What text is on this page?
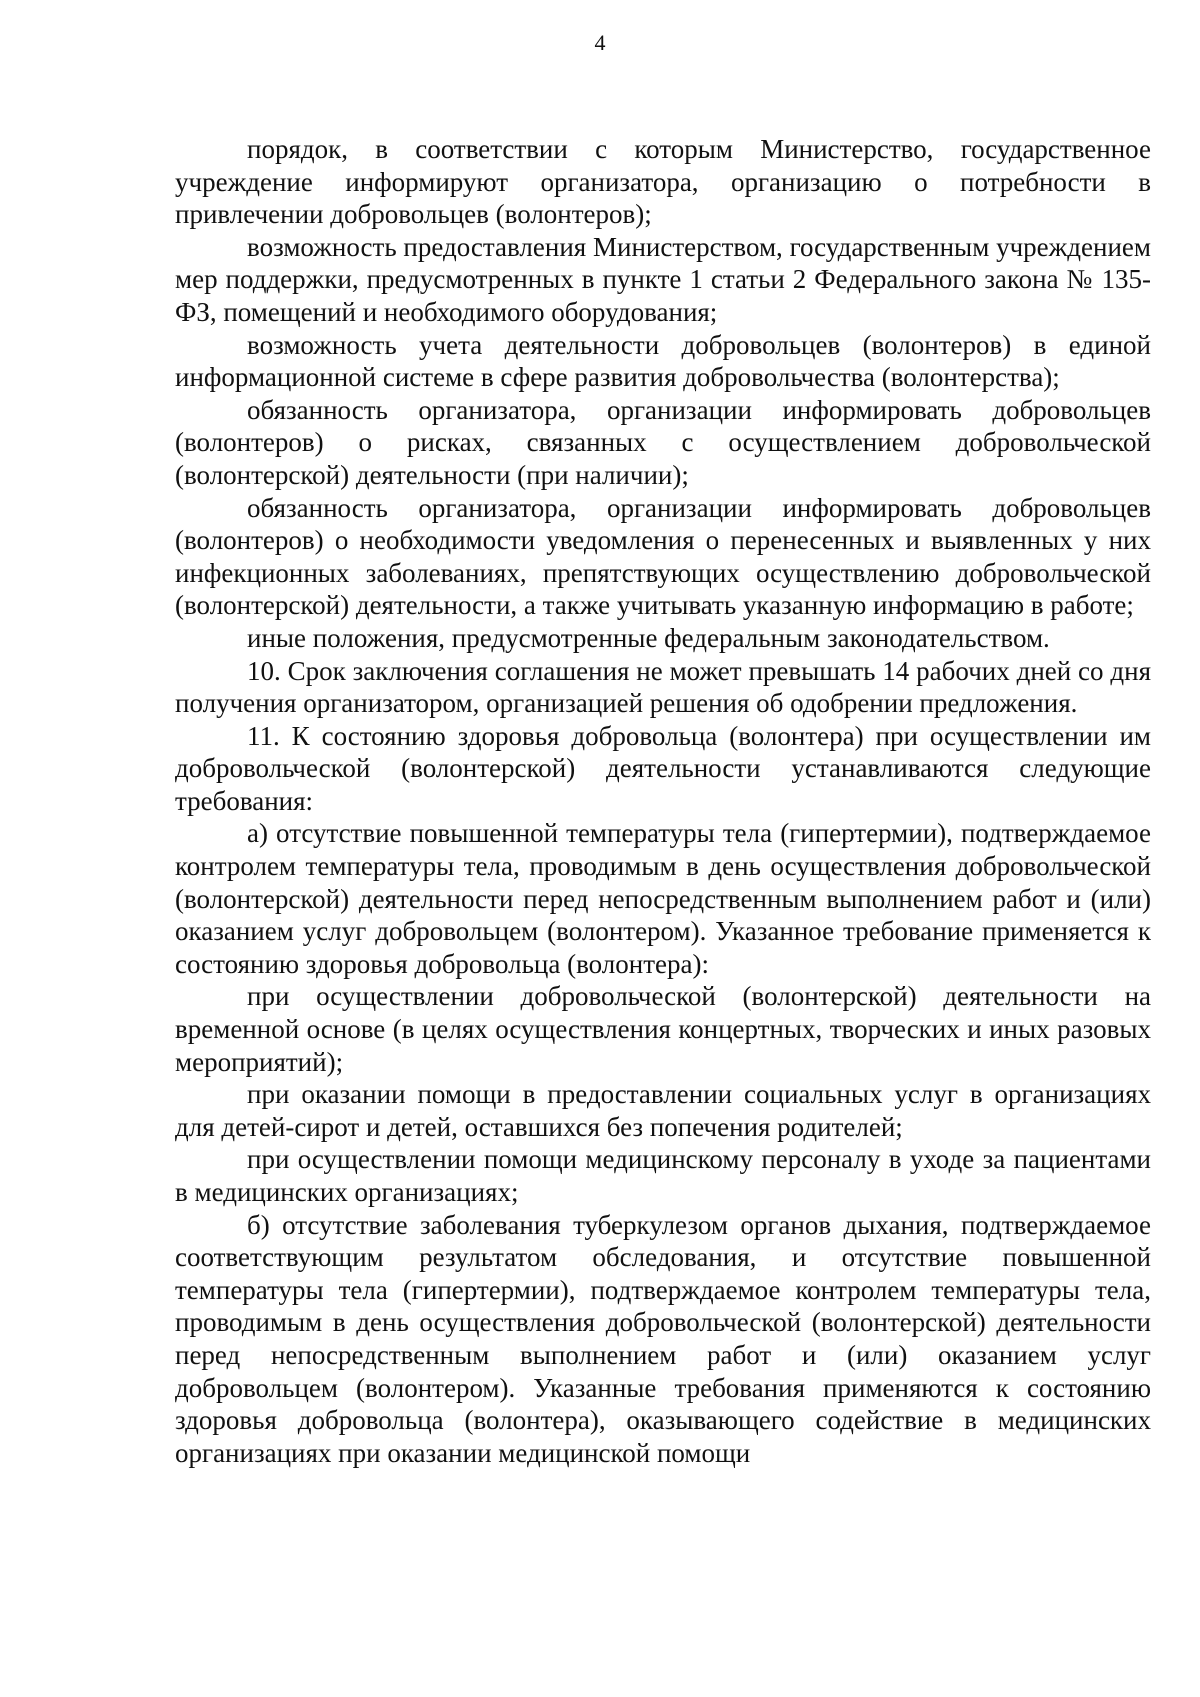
4

порядок, в соответствии с которым Министерство, государственное учреждение информируют организатора, организацию о потребности в привлечении добровольцев (волонтеров);

возможность предоставления Министерством, государственным учреждением мер поддержки, предусмотренных в пункте 1 статьи 2 Федерального закона № 135-ФЗ, помещений и необходимого оборудования;

возможность учета деятельности добровольцев (волонтеров) в единой информационной системе в сфере развития добровольчества (волонтерства);

обязанность организатора, организации информировать добровольцев (волонтеров) о рисках, связанных с осуществлением добровольческой (волонтерской) деятельности (при наличии);

обязанность организатора, организации информировать добровольцев (волонтеров) о необходимости уведомления о перенесенных и выявленных у них инфекционных заболеваниях, препятствующих осуществлению добровольческой (волонтерской) деятельности, а также учитывать указанную информацию в работе;

иные положения, предусмотренные федеральным законодательством.

10. Срок заключения соглашения не может превышать 14 рабочих дней со дня получения организатором, организацией решения об одобрении предложения.

11. К состоянию здоровья добровольца (волонтера) при осуществлении им добровольческой (волонтерской) деятельности устанавливаются следующие требования:

а) отсутствие повышенной температуры тела (гипертермии), подтверждаемое контролем температуры тела, проводимым в день осуществления добровольческой (волонтерской) деятельности перед непосредственным выполнением работ и (или) оказанием услуг добровольцем (волонтером). Указанное требование применяется к состоянию здоровья добровольца (волонтера):

при осуществлении добровольческой (волонтерской) деятельности на временной основе (в целях осуществления концертных, творческих и иных разовых мероприятий);

при оказании помощи в предоставлении социальных услуг в организациях для детей-сирот и детей, оставшихся без попечения родителей;

при осуществлении помощи медицинскому персоналу в уходе за пациентами в медицинских организациях;

б) отсутствие заболевания туберкулезом органов дыхания, подтверждаемое соответствующим результатом обследования, и отсутствие повышенной температуры тела (гипертермии), подтверждаемое контролем температуры тела, проводимым в день осуществления добровольческой (волонтерской) деятельности перед непосредственным выполнением работ и (или) оказанием услуг добровольцем (волонтером). Указанные требования применяются к состоянию здоровья добровольца (волонтера), оказывающего содействие в медицинских организациях при оказании медицинской помощи
